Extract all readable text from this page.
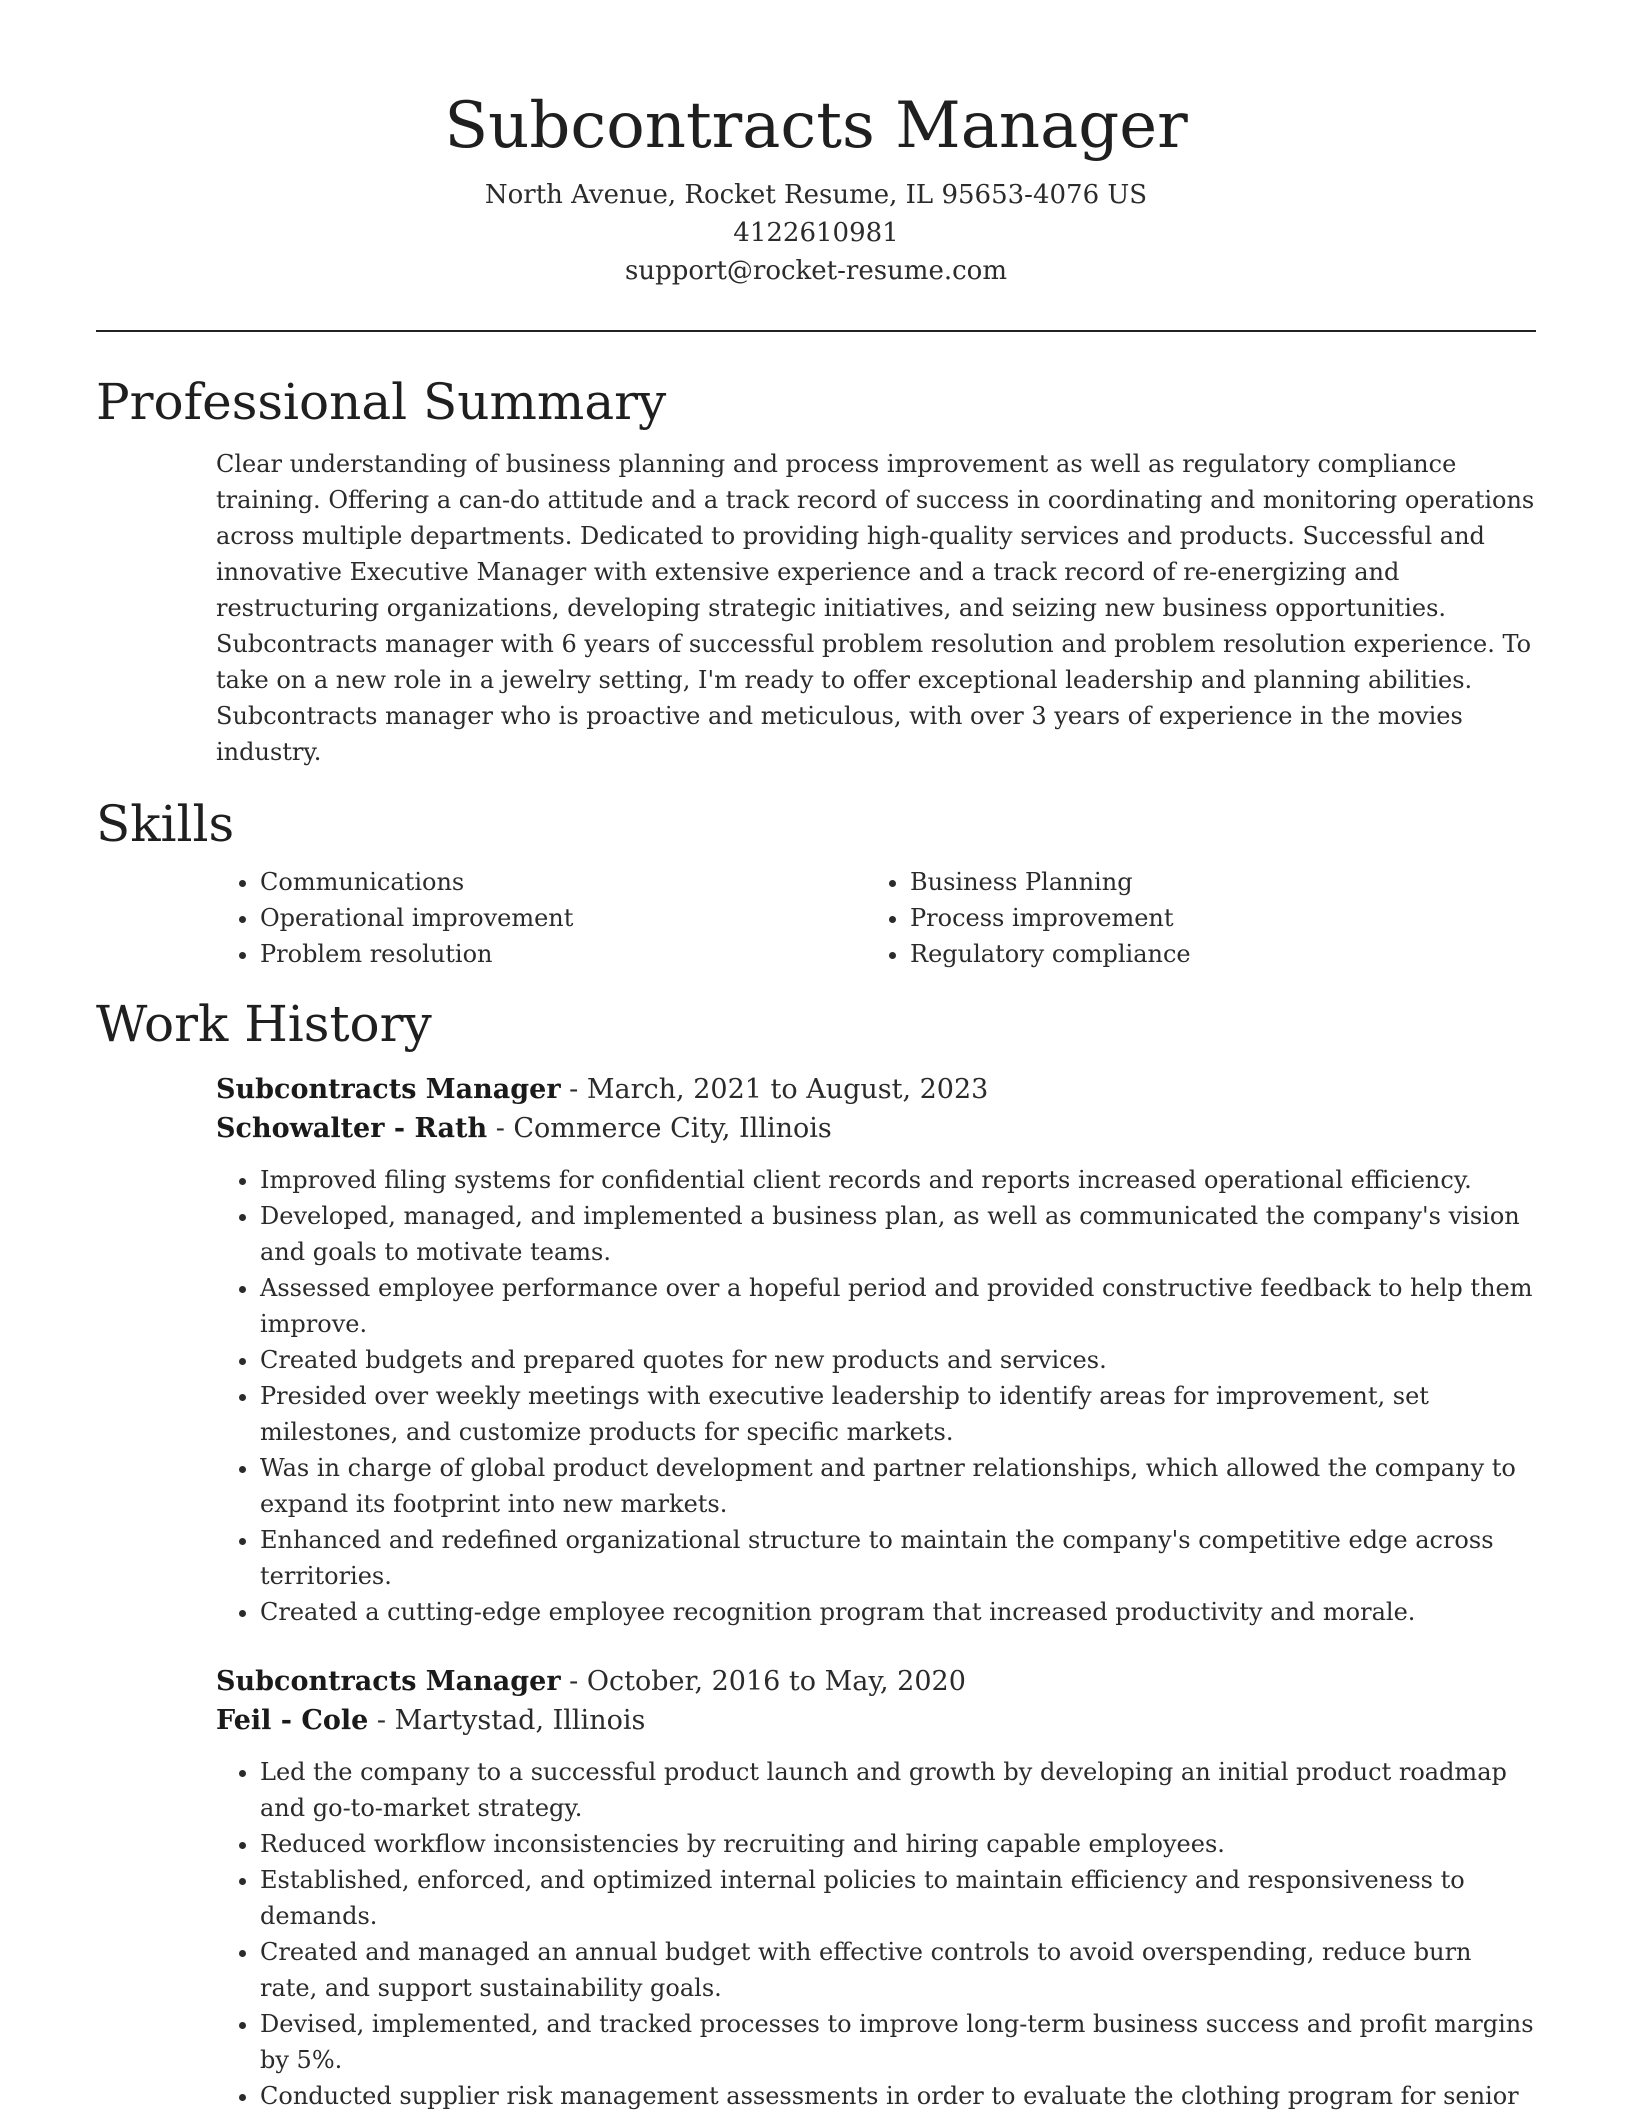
Subcontracts Manager
North Avenue, Rocket Resume, IL 95653-4076 US
4122610981
support@rocket-resume.com
Professional Summary
Clear understanding of business planning and process improvement as well as regulatory compliance training. Offering a can-do attitude and a track record of success in coordinating and monitoring operations across multiple departments. Dedicated to providing high-quality services and products. Successful and innovative Executive Manager with extensive experience and a track record of re-energizing and restructuring organizations, developing strategic initiatives, and seizing new business opportunities. Subcontracts manager with 6 years of successful problem resolution and problem resolution experience. To take on a new role in a jewelry setting, I'm ready to offer exceptional leadership and planning abilities. Subcontracts manager who is proactive and meticulous, with over 3 years of experience in the movies industry.
Skills
• Communications
• Operational improvement
• Problem resolution
• Business Planning
• Process improvement
• Regulatory compliance
Work History
Subcontracts Manager - March, 2021 to August, 2023
Schowalter - Rath - Commerce City, Illinois
• Improved filing systems for confidential client records and reports increased operational efficiency.
• Developed, managed, and implemented a business plan, as well as communicated the company's vision and goals to motivate teams.
• Assessed employee performance over a hopeful period and provided constructive feedback to help them improve.
• Created budgets and prepared quotes for new products and services.
• Presided over weekly meetings with executive leadership to identify areas for improvement, set milestones, and customize products for specific markets.
• Was in charge of global product development and partner relationships, which allowed the company to expand its footprint into new markets.
• Enhanced and redefined organizational structure to maintain the company's competitive edge across territories.
• Created a cutting-edge employee recognition program that increased productivity and morale.
Subcontracts Manager - October, 2016 to May, 2020
Feil - Cole - Martystad, Illinois
• Led the company to a successful product launch and growth by developing an initial product roadmap and go-to-market strategy.
• Reduced workflow inconsistencies by recruiting and hiring capable employees.
• Established, enforced, and optimized internal policies to maintain efficiency and responsiveness to demands.
• Created and managed an annual budget with effective controls to avoid overspending, reduce burn rate, and support sustainability goals.
• Devised, implemented, and tracked processes to improve long-term business success and profit margins by 5%.
• Conducted supplier risk management assessments in order to evaluate the clothing program for senior
